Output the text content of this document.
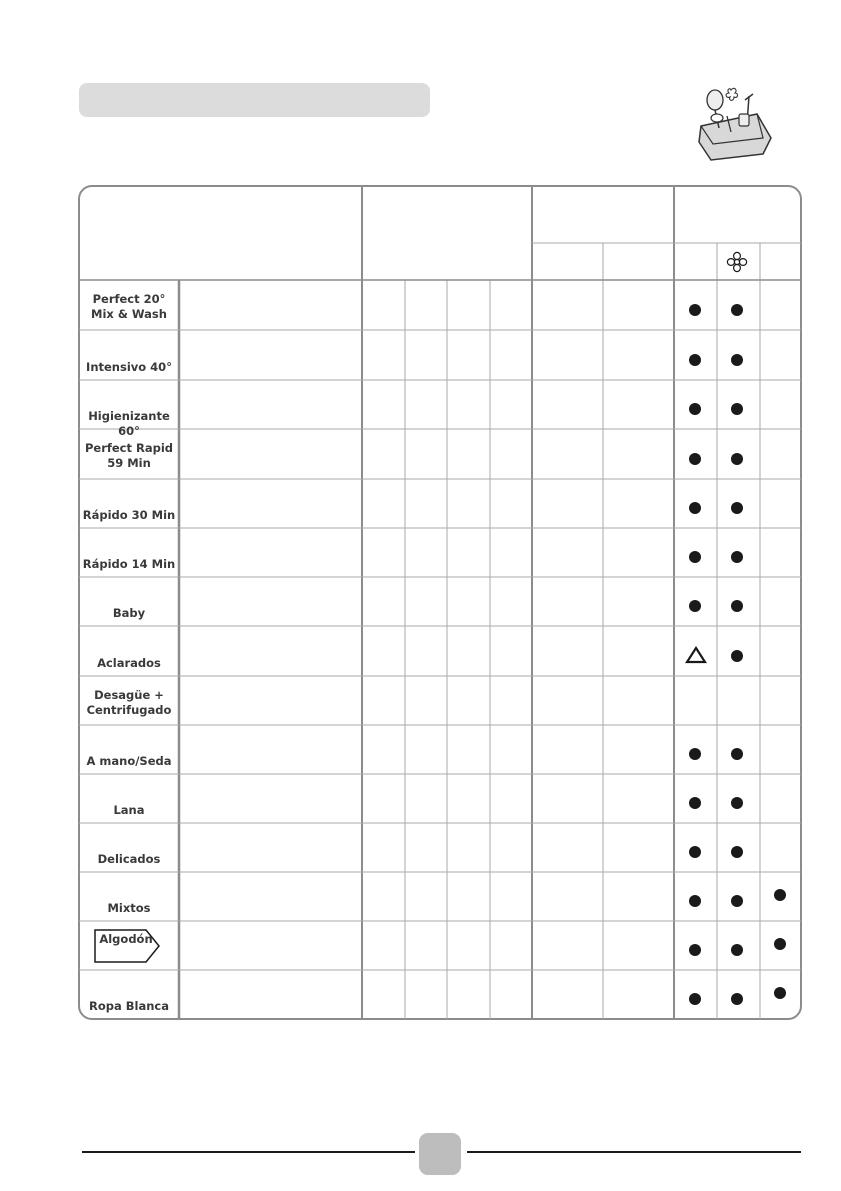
Perfect 20°
Mix & Wash
Intensivo 40°
Higienizante 60°
Perfect Rapid
59 Min
Rápido 30 Min
Rápido 14 Min
Baby
Aclarados
Desagüe +
Centrifugado
A mano/Seda
Lana
Delicados
Mixtos
Algodón
Ropa Blanca
